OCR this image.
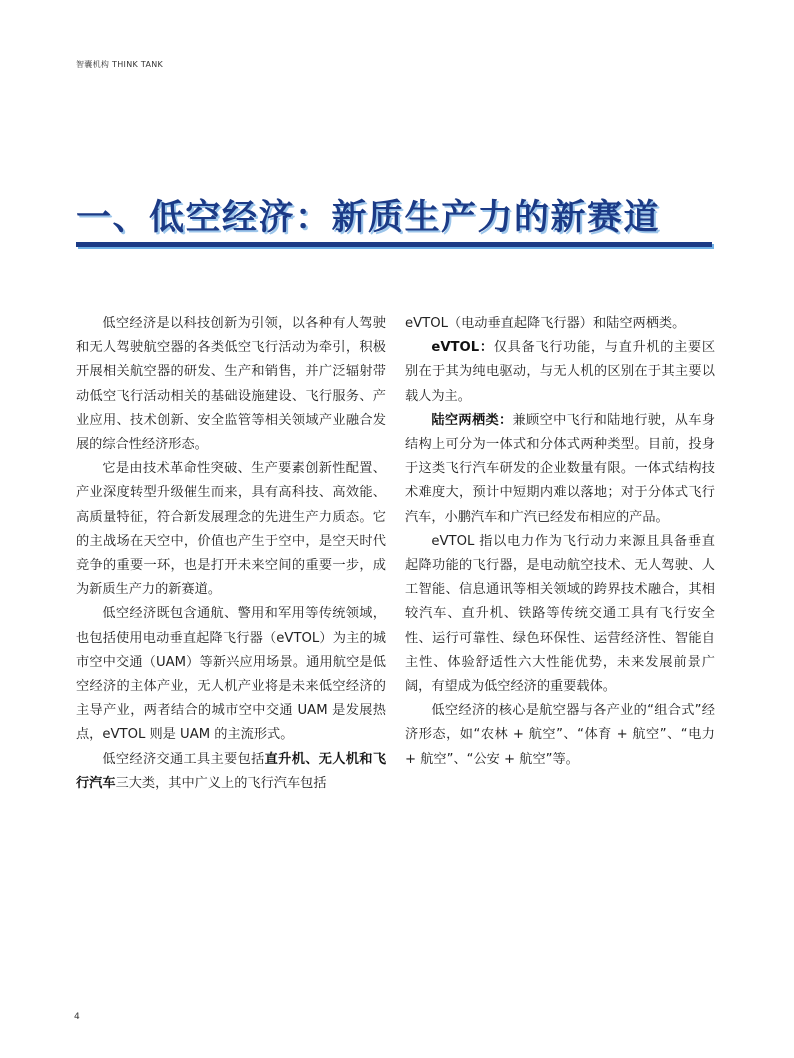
智囊机构 THINK TANK
一、低空经济：新质生产力的新赛道

低空经济是以科技创新为引领，以各种有人驾驶和无人驾驶航空器的各类低空飞行活动为牵引，积极开展相关航空器的研发、生产和销售，并广泛辐射带动低空飞行活动相关的基础设施建设、飞行服务、产业应用、技术创新、安全监管等相关领域产业融合发展的综合性经济形态。

它是由技术革命性突破、生产要素创新性配置、产业深度转型升级催生而来，具有高科技、高效能、高质量特征，符合新发展理念的先进生产力质态。它的主战场在天空中，价值也产生于空中，是空天时代竞争的重要一环，也是打开未来空间的重要一步，成为新质生产力的新赛道。

低空经济既包含通航、警用和军用等传统领域，也包括使用电动垂直起降飞行器（eVTOL）为主的城市空中交通（UAM）等新兴应用场景。通用航空是低空经济的主体产业，无人机产业将是未来低空经济的主导产业，两者结合的城市空中交通 UAM 是发展热点，eVTOL 则是 UAM 的主流形式。

低空经济交通工具主要包括直升机、无人机和飞行汽车三大类，其中广义上的飞行汽车包括

eVTOL（电动垂直起降飞行器）和陆空两栖类。

eVTOL：仅具备飞行功能，与直升机的主要区别在于其为纯电驱动，与无人机的区别在于其主要以载人为主。

陆空两栖类：兼顾空中飞行和陆地行驶，从车身结构上可分为一体式和分体式两种类型。目前，投身于这类飞行汽车研发的企业数量有限。一体式结构技术难度大，预计中短期内难以落地；对于分体式飞行汽车，小鹏汽车和广汽已经发布相应的产品。

eVTOL 指以电力作为飞行动力来源且具备垂直起降功能的飞行器，是电动航空技术、无人驾驶、人工智能、信息通讯等相关领域的跨界技术融合，其相较汽车、直升机、铁路等传统交通工具有飞行安全性、运行可靠性、绿色环保性、运营经济性、智能自主性、体验舒适性六大性能优势，未来发展前景广阔，有望成为低空经济的重要载体。

低空经济的核心是航空器与各产业的“组合式”经济形态，如“农林 + 航空”、“体育 + 航空”、“电力 + 航空”、“公安 + 航空”等。

4
